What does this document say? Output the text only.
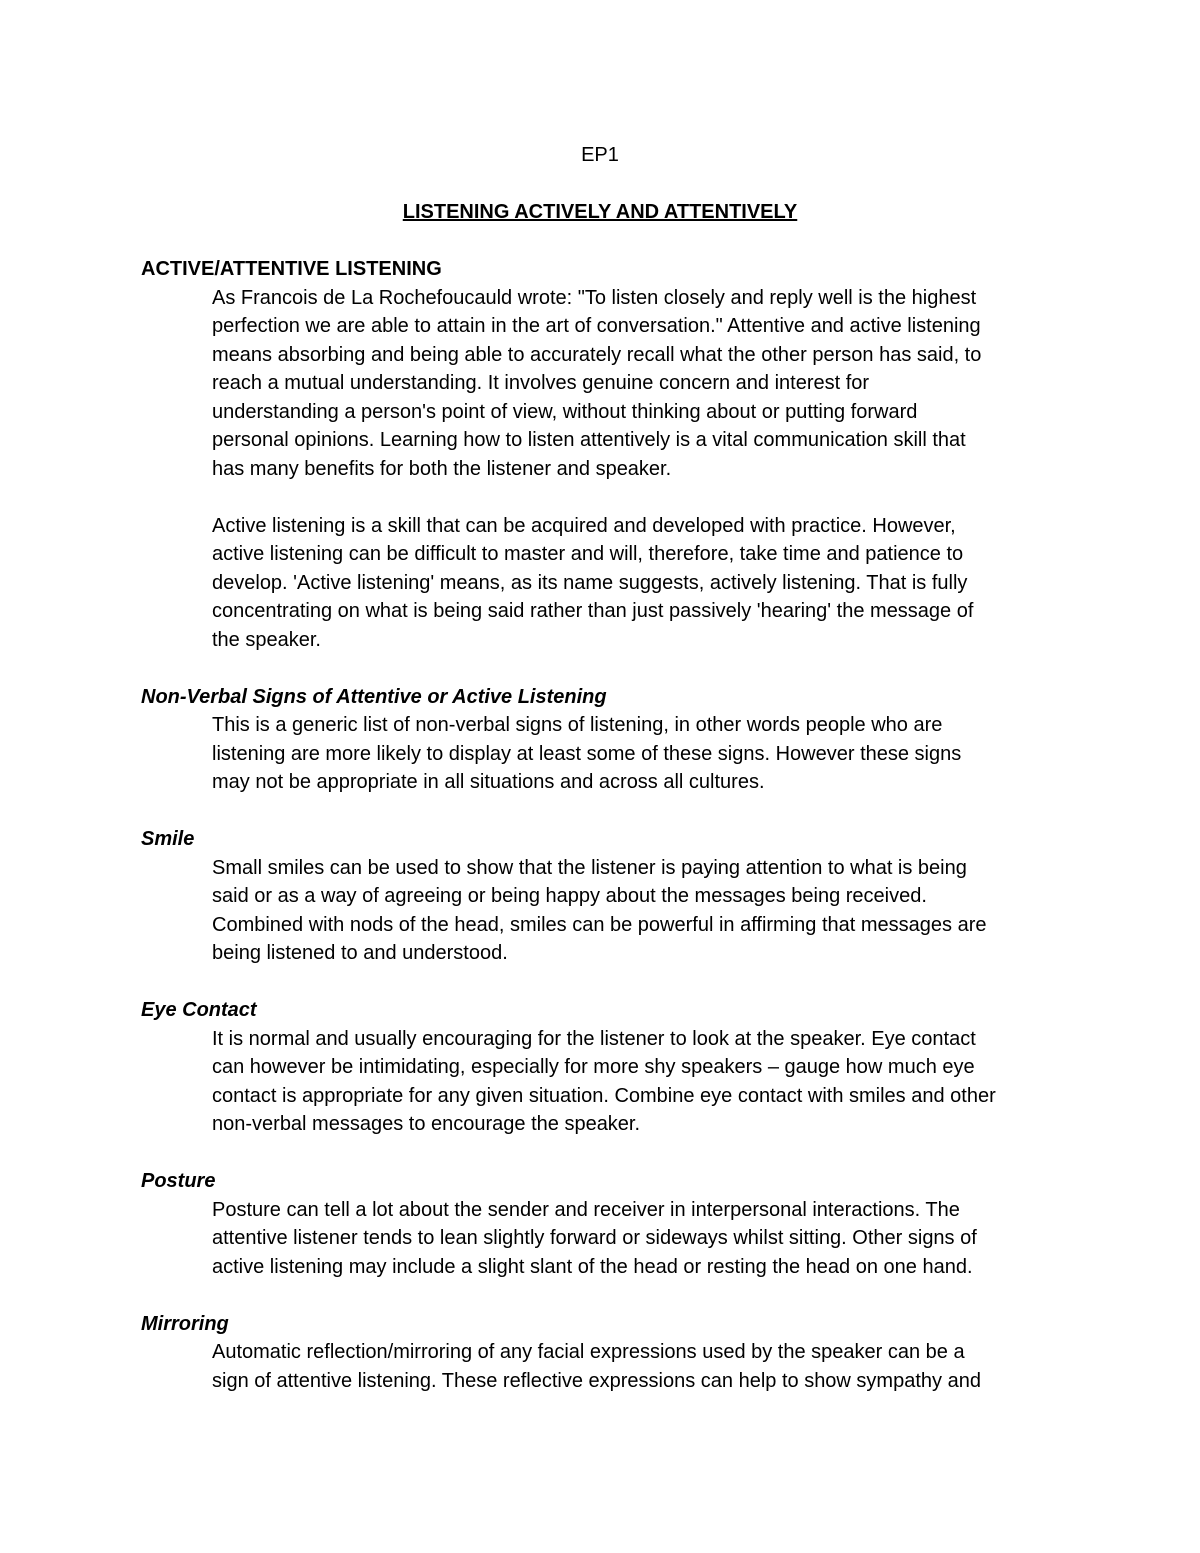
EP1
LISTENING ACTIVELY AND ATTENTIVELY
ACTIVE/ATTENTIVE LISTENING
As Francois de La Rochefoucauld wrote: "To listen closely and reply well is the highest
perfection we are able to attain in the art of conversation." Attentive and active listening
means absorbing and being able to accurately recall what the other person has said, to
reach a mutual understanding. It involves genuine concern and interest for
understanding a person's point of view, without thinking about or putting forward
personal opinions. Learning how to listen attentively is a vital communication skill that
has many benefits for both the listener and speaker.
Active listening is a skill that can be acquired and developed with practice. However,
active listening can be difficult to master and will, therefore, take time and patience to
develop. 'Active listening' means, as its name suggests, actively listening. That is fully
concentrating on what is being said rather than just passively 'hearing' the message of
the speaker.
Non-Verbal Signs of Attentive or Active Listening
This is a generic list of non-verbal signs of listening, in other words people who are
listening are more likely to display at least some of these signs. However these signs
may not be appropriate in all situations and across all cultures.
Smile
Small smiles can be used to show that the listener is paying attention to what is being
said or as a way of agreeing or being happy about the messages being received.
Combined with nods of the head, smiles can be powerful in affirming that messages are
being listened to and understood.
Eye Contact
It is normal and usually encouraging for the listener to look at the speaker. Eye contact
can however be intimidating, especially for more shy speakers – gauge how much eye
contact is appropriate for any given situation. Combine eye contact with smiles and other
non-verbal messages to encourage the speaker.
Posture
Posture can tell a lot about the sender and receiver in interpersonal interactions. The
attentive listener tends to lean slightly forward or sideways whilst sitting. Other signs of
active listening may include a slight slant of the head or resting the head on one hand.
Mirroring
Automatic reflection/mirroring of any facial expressions used by the speaker can be a
sign of attentive listening. These reflective expressions can help to show sympathy and
